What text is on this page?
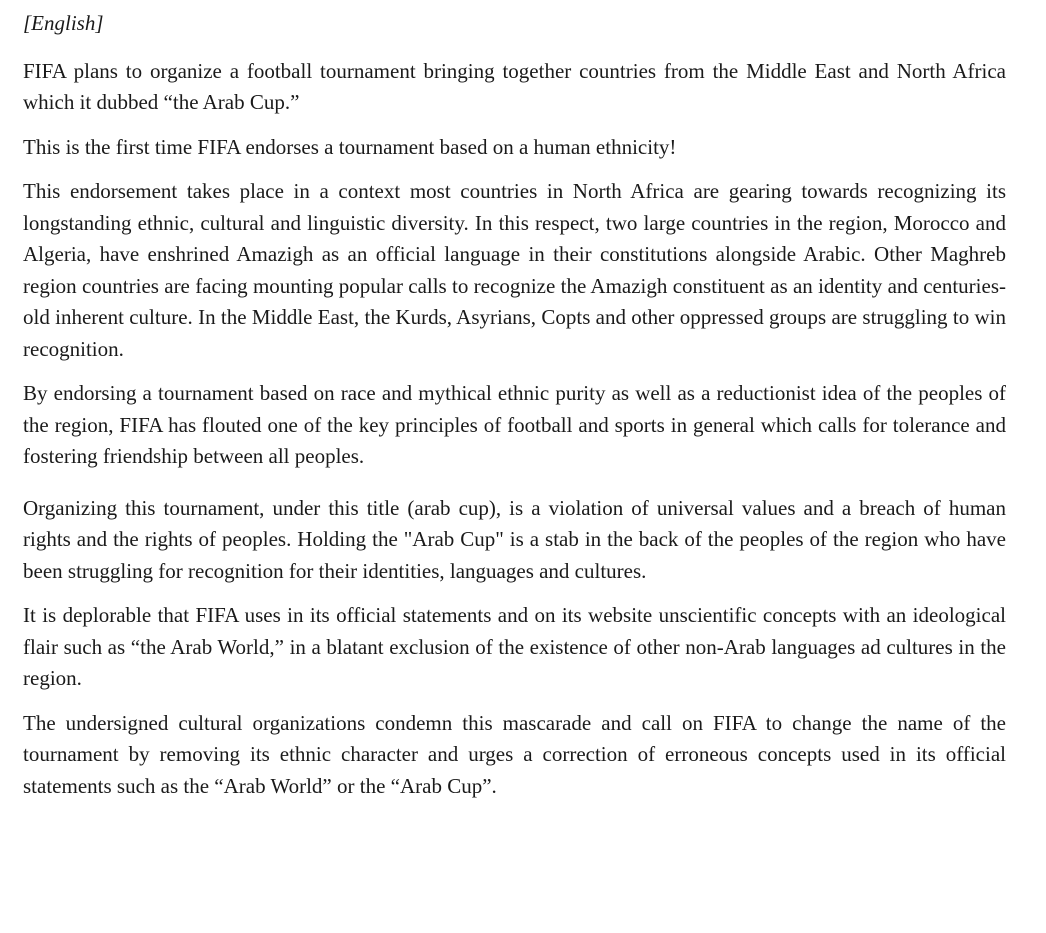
[English]

FIFA plans to organize a football tournament bringing together countries from the Middle East and North Africa which it dubbed “the Arab Cup.”

This is the first time FIFA endorses a tournament based on a human ethnicity!

This endorsement takes place in a context most countries in North Africa are gearing towards recognizing its longstanding ethnic, cultural and linguistic diversity. In this respect, two large countries in the region, Morocco and Algeria, have enshrined Amazigh as an official language in their constitutions alongside Arabic. Other Maghreb region countries are facing mounting popular calls to recognize the Amazigh constituent as an identity and centuries-old inherent culture. In the Middle East, the Kurds, Asyrians, Copts and other oppressed groups are struggling to win recognition.

By endorsing a tournament based on race and mythical ethnic purity as well as a reductionist idea of the peoples of the region, FIFA has flouted one of the key principles of football and sports in general which calls for tolerance and fostering friendship between all peoples.

Organizing this tournament, under this title (arab cup), is a violation of universal values and a breach of human rights and the rights of peoples. Holding the "Arab Cup" is a stab in the back of the peoples of the region who have been struggling for recognition for their identities, languages and cultures.

It is deplorable that FIFA uses in its official statements and on its website unscientific concepts with an ideological flair such as “the Arab World,” in a blatant exclusion of the existence of other non-Arab languages ad cultures in the region.

The undersigned cultural organizations condemn this mascarade and call on FIFA to change the name of the tournament by removing its ethnic character and urges a correction of erroneous concepts used in its official statements such as the “Arab World” or the “Arab Cup”.
